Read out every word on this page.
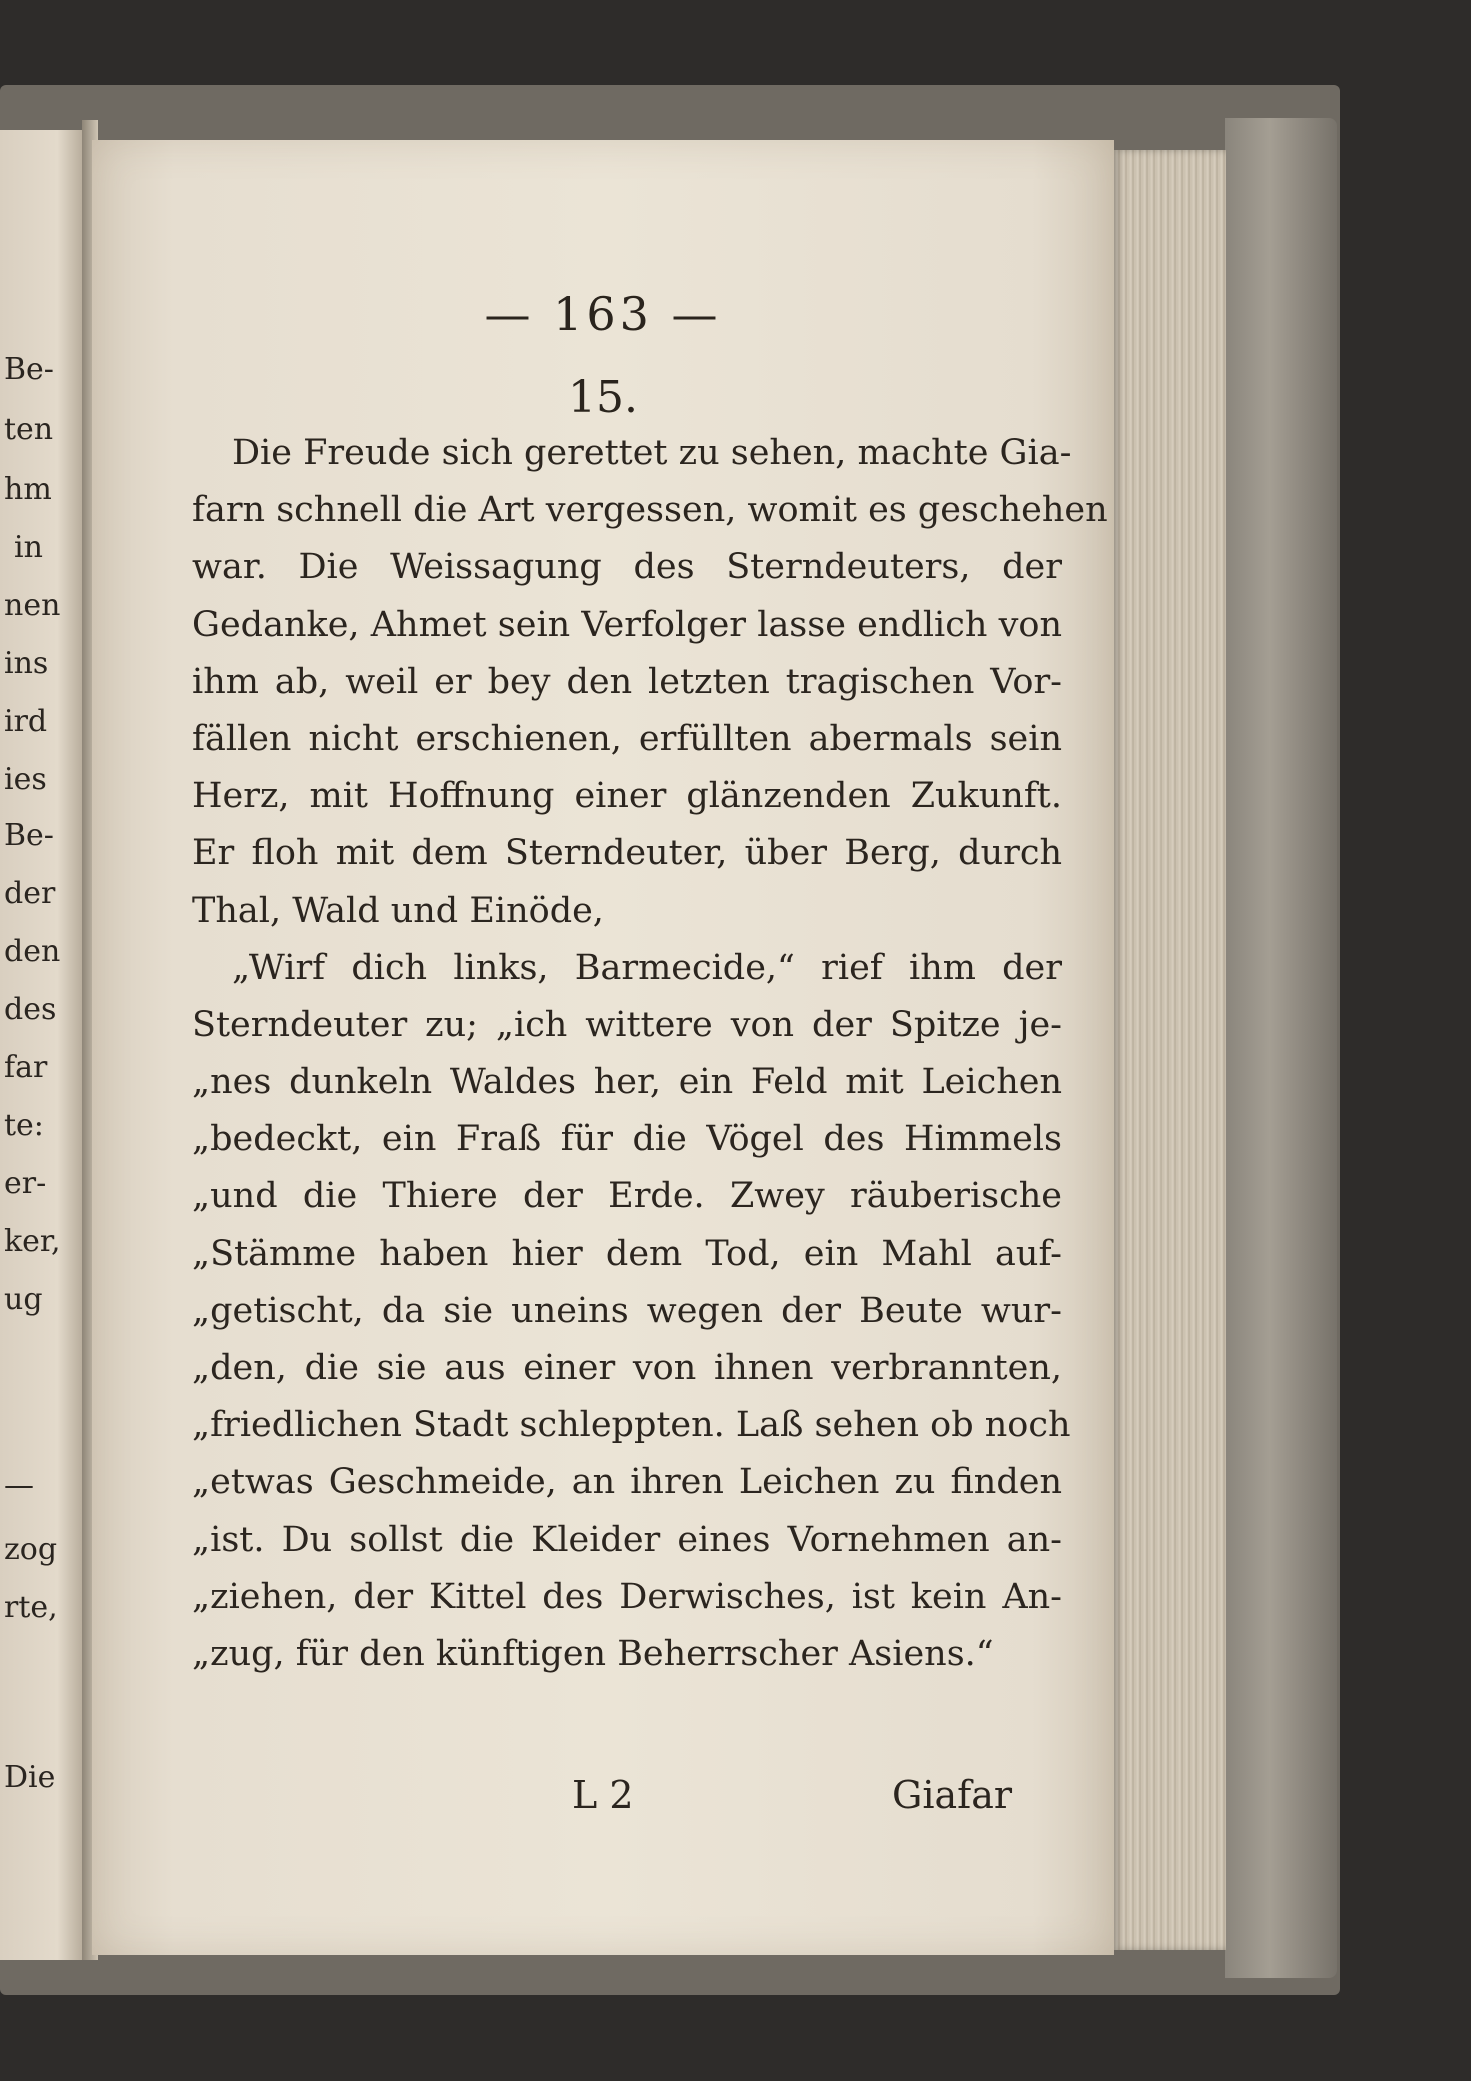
Be-
ten
hm
in
nen
ins
ird
ies
Be-
der
den
des
far
te:
er-
ker,
ug
—
zog
rte,
Die
— 163 —
15.
Die Freude sich gerettet zu sehen, machte Gia-
farn schnell die Art vergessen, womit es geschehen
war. Die Weissagung des Sterndeuters, der
Gedanke, Ahmet sein Verfolger lasse endlich von
ihm ab, weil er bey den letzten tragischen Vor-
fällen nicht erschienen, erfüllten abermals sein
Herz, mit Hoffnung einer glänzenden Zukunft.
Er floh mit dem Sterndeuter, über Berg, durch
Thal, Wald und Einöde,
„Wirf dich links, Barmecide,“ rief ihm der
Sterndeuter zu; „ich wittere von der Spitze je-
„nes dunkeln Waldes her, ein Feld mit Leichen
„bedeckt, ein Fraß für die Vögel des Himmels
„und die Thiere der Erde. Zwey räuberische
„Stämme haben hier dem Tod, ein Mahl auf-
„getischt, da sie uneins wegen der Beute wur-
„den, die sie aus einer von ihnen verbrannten,
„friedlichen Stadt schleppten. Laß sehen ob noch
„etwas Geschmeide, an ihren Leichen zu finden
„ist. Du sollst die Kleider eines Vornehmen an-
„ziehen, der Kittel des Derwisches, ist kein An-
„zug, für den künftigen Beherrscher Asiens.“
L 2	Giafar
